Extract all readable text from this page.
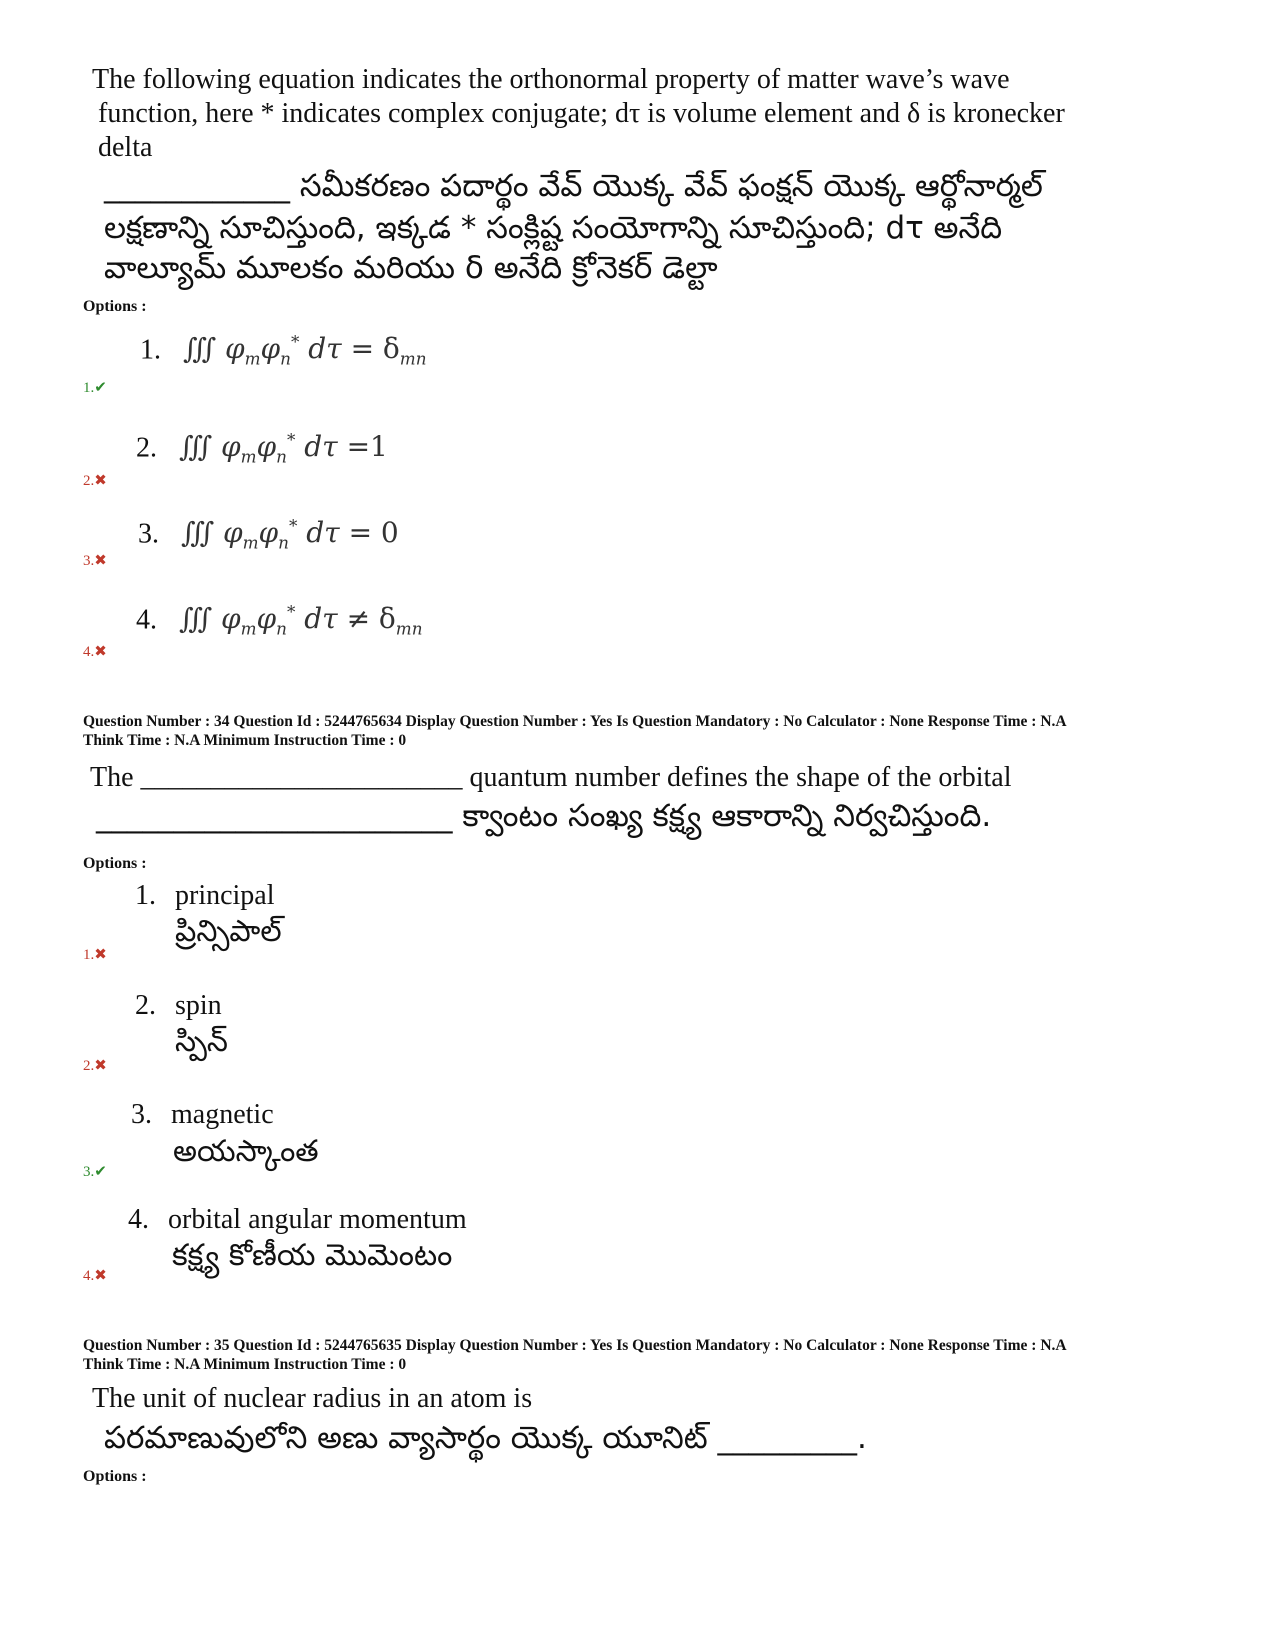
The following equation indicates the orthonormal property of matter wave’s wave
function, here * indicates complex conjugate; dτ is volume element and δ is kronecker
delta
____________ సమీకరణం పదార్థం వేవ్ యొక్క వేవ్ ఫంక్షన్ యొక్క ఆర్థోనార్మల్
లక్షణాన్ని సూచిస్తుంది, ఇక్కడ * సంక్లిష్ట సంయోగాన్ని సూచిస్తుంది; dτ అనేది
వాల్యూమ్ మూలకం మరియు δ అనేది క్రోనెకర్ డెల్టా
Options :
1. ∭ $\varphi_m\varphi_n^*$ $d\tau = \delta_{mn}$
1.✔
2. ∭ $\varphi_m\varphi_n^*$ dτ =1
2.✖
3. ∭ $\varphi_m\varphi_n^*$ dτ = 0
3.✖
4. ∭ $\varphi_m\varphi_n^*$ $d\tau \ne \delta_{mn}$
4.✖
Question Number : 34 Question Id : 5244765634 Display Question Number : Yes Is Question Mandatory : No Calculator : None Response Time : N.A
Think Time : N.A Minimum Instruction Time : 0
The _______________________ quantum number defines the shape of the orbital
_______________________ క్వాంటం సంఖ్య కక్ష్య ఆకారాన్ని నిర్వచిస్తుంది.
Options :
1. principal
ప్రిన్సిపాల్
1.✖
2. spin
స్పిన్
2.✖
3. magnetic
అయస్కాంత
3.✔
4. orbital angular momentum
కక్ష్య కోణీయ మొమెంటం
4.✖
Question Number : 35 Question Id : 5244765635 Display Question Number : Yes Is Question Mandatory : No Calculator : None Response Time : N.A
Think Time : N.A Minimum Instruction Time : 0
The unit of nuclear radius in an atom is
పరమాణువులోని అణు వ్యాసార్థం యొక్క యూనిట్ _________.
Options :
